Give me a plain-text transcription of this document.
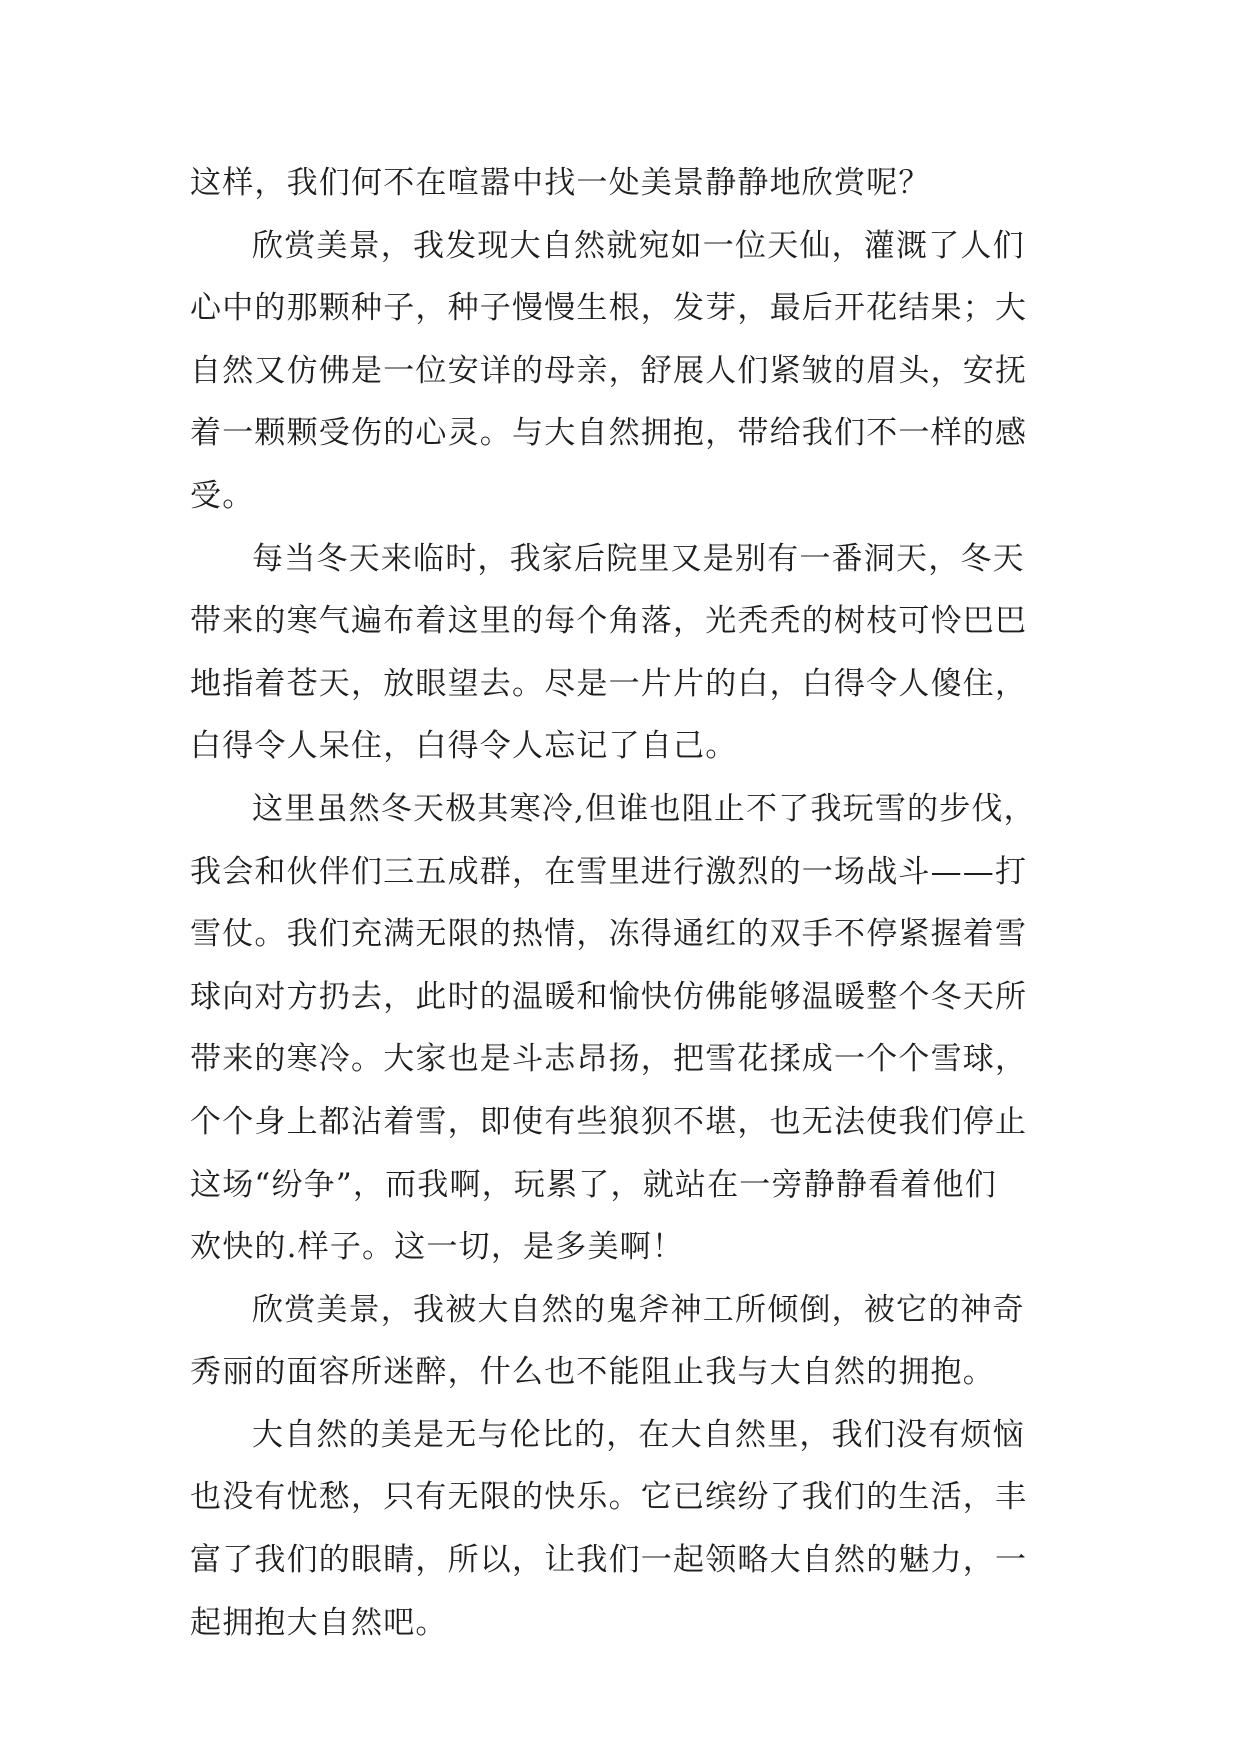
这样，我们何不在喧嚣中找一处美景静静地欣赏呢？
欣赏美景，我发现大自然就宛如一位天仙，灌溉了人们
心中的那颗种子，种子慢慢生根，发芽，最后开花结果；大
自然又仿佛是一位安详的母亲，舒展人们紧皱的眉头，安抚
着一颗颗受伤的心灵。与大自然拥抱，带给我们不一样的感
受。
每当冬天来临时，我家后院里又是别有一番洞天，冬天
带来的寒气遍布着这里的每个角落，光秃秃的树枝可怜巴巴
地指着苍天，放眼望去。尽是一片片的白，白得令人傻住，
白得令人呆住，白得令人忘记了自己。
这里虽然冬天极其寒冷,但谁也阻止不了我玩雪的步伐，
我会和伙伴们三五成群，在雪里进行激烈的一场战斗——打
雪仗。我们充满无限的热情，冻得通红的双手不停紧握着雪
球向对方扔去，此时的温暖和愉快仿佛能够温暖整个冬天所
带来的寒冷。大家也是斗志昂扬，把雪花揉成一个个雪球，
个个身上都沾着雪，即使有些狼狈不堪，也无法使我们停止
这场“纷争”，而我啊，玩累了，就站在一旁静静看着他们
欢快的.样子。这一切，是多美啊！
欣赏美景，我被大自然的鬼斧神工所倾倒，被它的神奇
秀丽的面容所迷醉，什么也不能阻止我与大自然的拥抱。
大自然的美是无与伦比的，在大自然里，我们没有烦恼
也没有忧愁，只有无限的快乐。它已缤纷了我们的生活，丰
富了我们的眼睛，所以，让我们一起领略大自然的魅力，一
起拥抱大自然吧。
